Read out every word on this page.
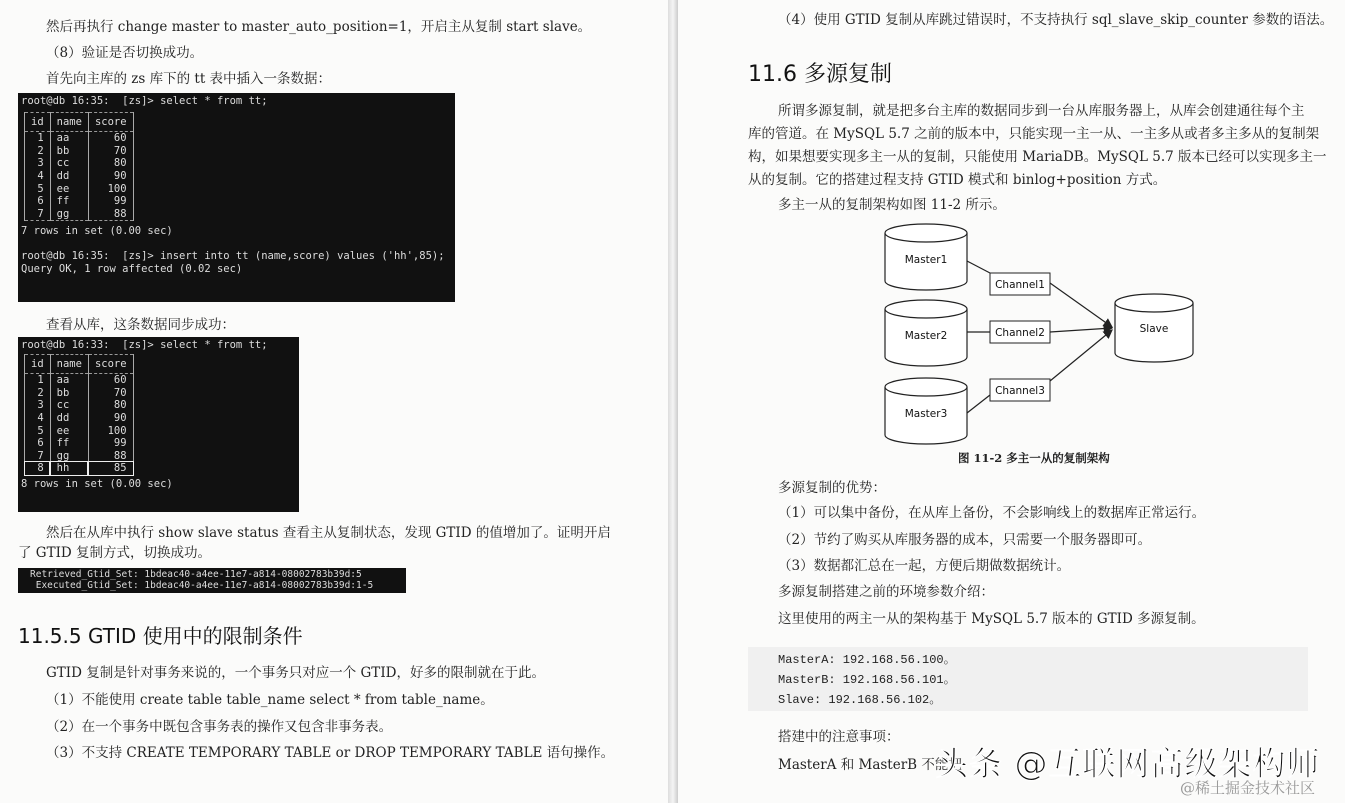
然后再执行 change master to master_auto_position=1，开启主从复制 start slave。
（8）验证是否切换成功。
首先向主库的 zs 库下的 tt 表中插入一条数据：
root@db 16:35:  [zs]> select * from tt;
id	name	score
1	aa	60
2	bb	70
3	cc	80
4	dd	90
5	ee	100
6	ff	99
7	gg	88
7 rows in set (0.00 sec)
root@db 16:35:  [zs]> insert into tt (name,score) values ('hh',85);
Query OK, 1 row affected (0.02 sec)
查看从库，这条数据同步成功：
root@db 16:33:  [zs]> select * from tt;
id	name	score
1	aa	60
2	bb	70
3	cc	80
4	dd	90
5	ee	100
6	ff	99
7	gg	88
8	hh	85
8 rows in set (0.00 sec)
然后在从库中执行 show slave status 查看主从复制状态，发现 GTID 的值增加了。证明开启
了 GTID 复制方式，切换成功。
Retrieved_Gtid_Set: 1bdeac40-a4ee-11e7-a814-08002783b39d:5
Executed_Gtid_Set: 1bdeac40-a4ee-11e7-a814-08002783b39d:1-5
11.5.5 GTID 使用中的限制条件
GTID 复制是针对事务来说的，一个事务只对应一个 GTID，好多的限制就在于此。
（1）不能使用 create table table_name select * from table_name。
（2）在一个事务中既包含事务表的操作又包含非事务表。
（3）不支持 CREATE TEMPORARY TABLE or DROP TEMPORARY TABLE 语句操作。
（4）使用 GTID 复制从库跳过错误时，不支持执行 sql_slave_skip_counter 参数的语法。
11.6 多源复制
所谓多源复制，就是把多台主库的数据同步到一台从库服务器上，从库会创建通往每个主
库的管道。在 MySQL 5.7 之前的版本中，只能实现一主一从、一主多从或者多主多从的复制架
构，如果想要实现多主一从的复制，只能使用 MariaDB。MySQL 5.7 版本已经可以实现多主一
从的复制。它的搭建过程支持 GTID 模式和 binlog+position 方式。
多主一从的复制架构如图 11-2 所示。
Master1
Master2
Master3
Channel1
Channel2
Channel3
Slave
图 11-2 多主一从的复制架构
多源复制的优势：
（1）可以集中备份，在从库上备份，不会影响线上的数据库正常运行。
（2）节约了购买从库服务器的成本，只需要一个服务器即可。
（3）数据都汇总在一起，方便后期做数据统计。
多源复制搭建之前的环境参数介绍：
这里使用的两主一从的架构基于 MySQL 5.7 版本的 GTID 多源复制。
MasterA: 192.168.56.100。
MasterB: 192.168.56.101。
Slave: 192.168.56.102。
搭建中的注意事项：
MasterA 和 MasterB 不能把
头条 @互联网高级架构师
@稀土掘金技术社区
